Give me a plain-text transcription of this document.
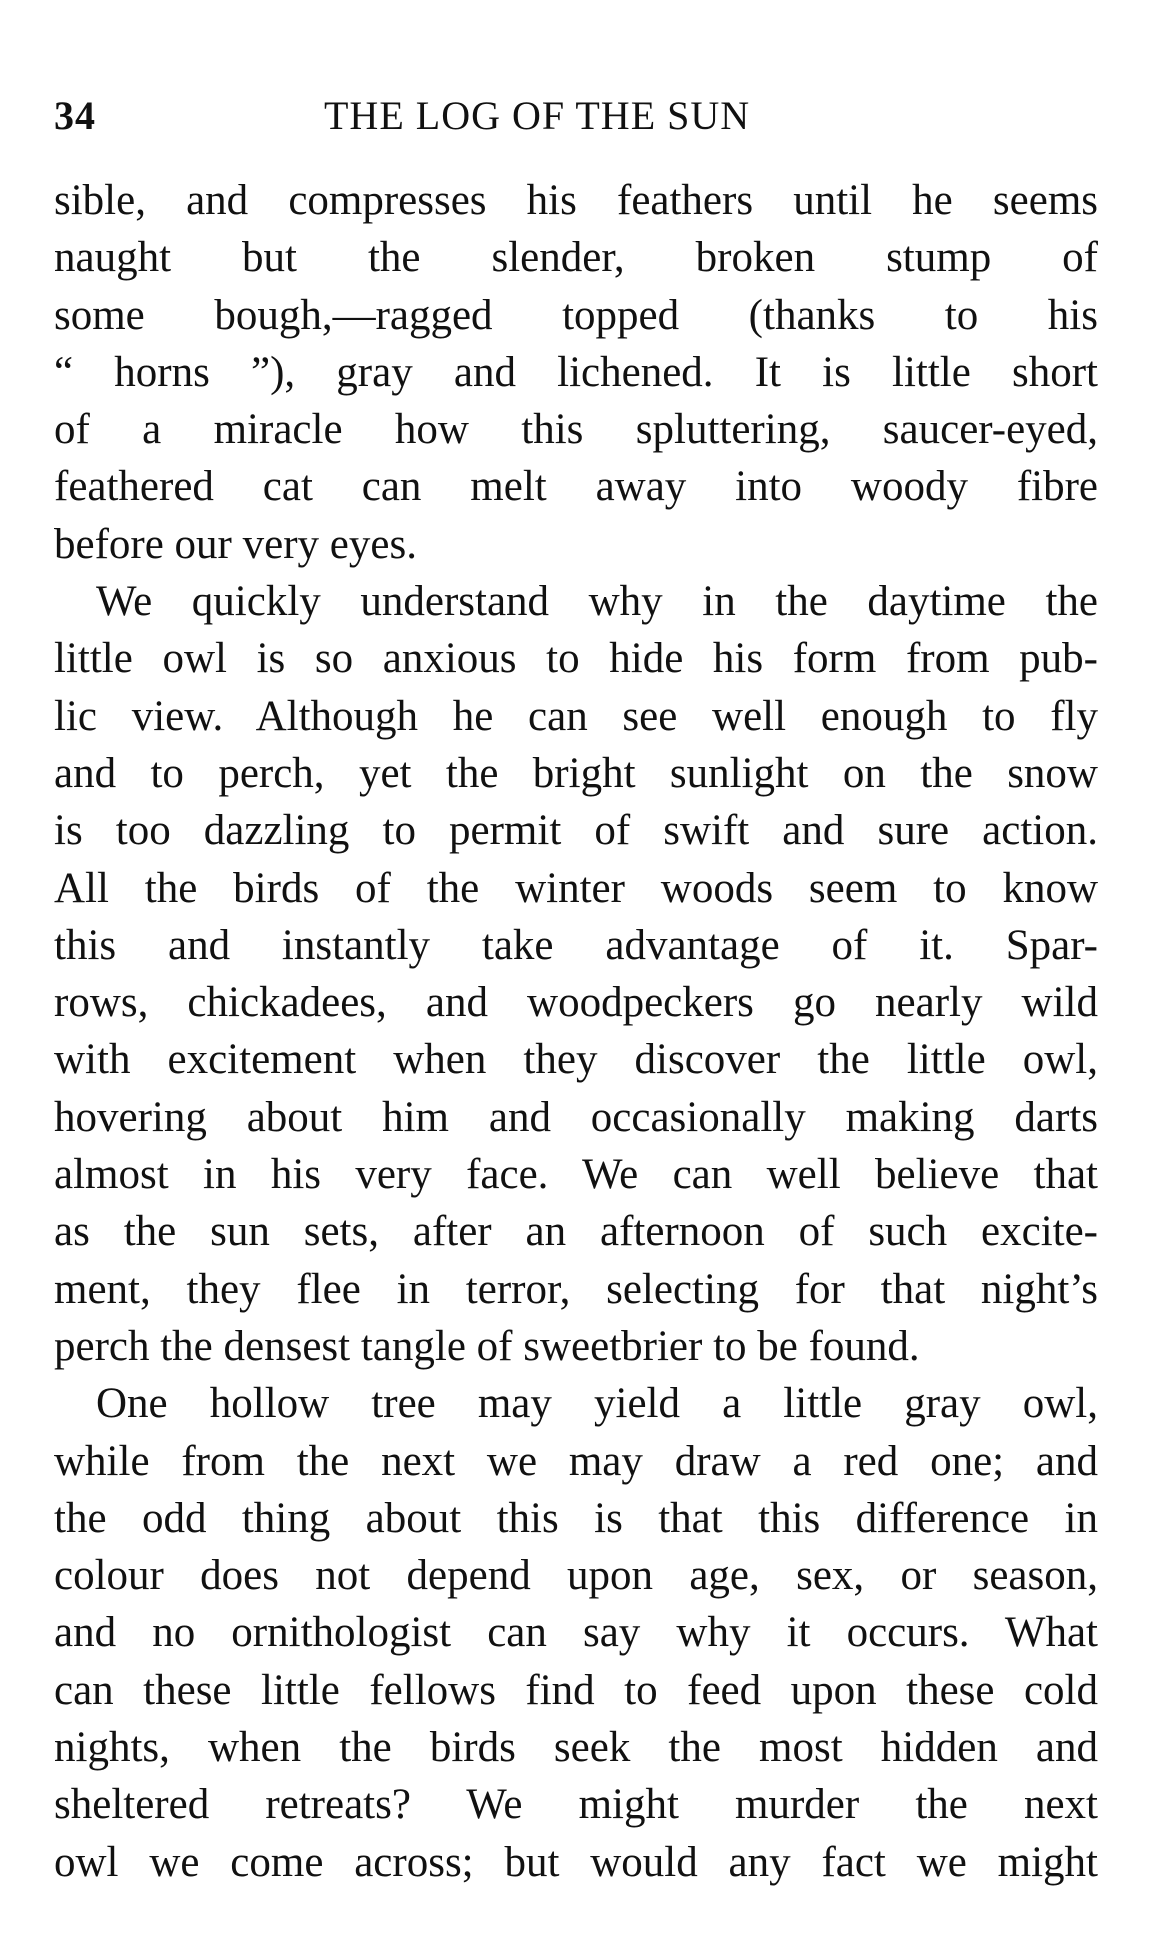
34	THE LOG OF THE SUN
sible, and compresses his feathers until he seems
naught but the slender, broken stump of
some bough,—ragged topped (thanks to his
“ horns ”), gray and lichened. It is little short
of a miracle how this spluttering, saucer-eyed,
feathered cat can melt away into woody fibre
before our very eyes.
We quickly understand why in the daytime the
little owl is so anxious to hide his form from pub-
lic view. Although he can see well enough to fly
and to perch, yet the bright sunlight on the snow
is too dazzling to permit of swift and sure action.
All the birds of the winter woods seem to know
this and instantly take advantage of it. Spar-
rows, chickadees, and woodpeckers go nearly wild
with excitement when they discover the little owl,
hovering about him and occasionally making darts
almost in his very face. We can well believe that
as the sun sets, after an afternoon of such excite-
ment, they flee in terror, selecting for that night’s
perch the densest tangle of sweetbrier to be found.
One hollow tree may yield a little gray owl,
while from the next we may draw a red one; and
the odd thing about this is that this difference in
colour does not depend upon age, sex, or season,
and no ornithologist can say why it occurs. What
can these little fellows find to feed upon these cold
nights, when the birds seek the most hidden and
sheltered retreats? We might murder the next
owl we come across; but would any fact we might
